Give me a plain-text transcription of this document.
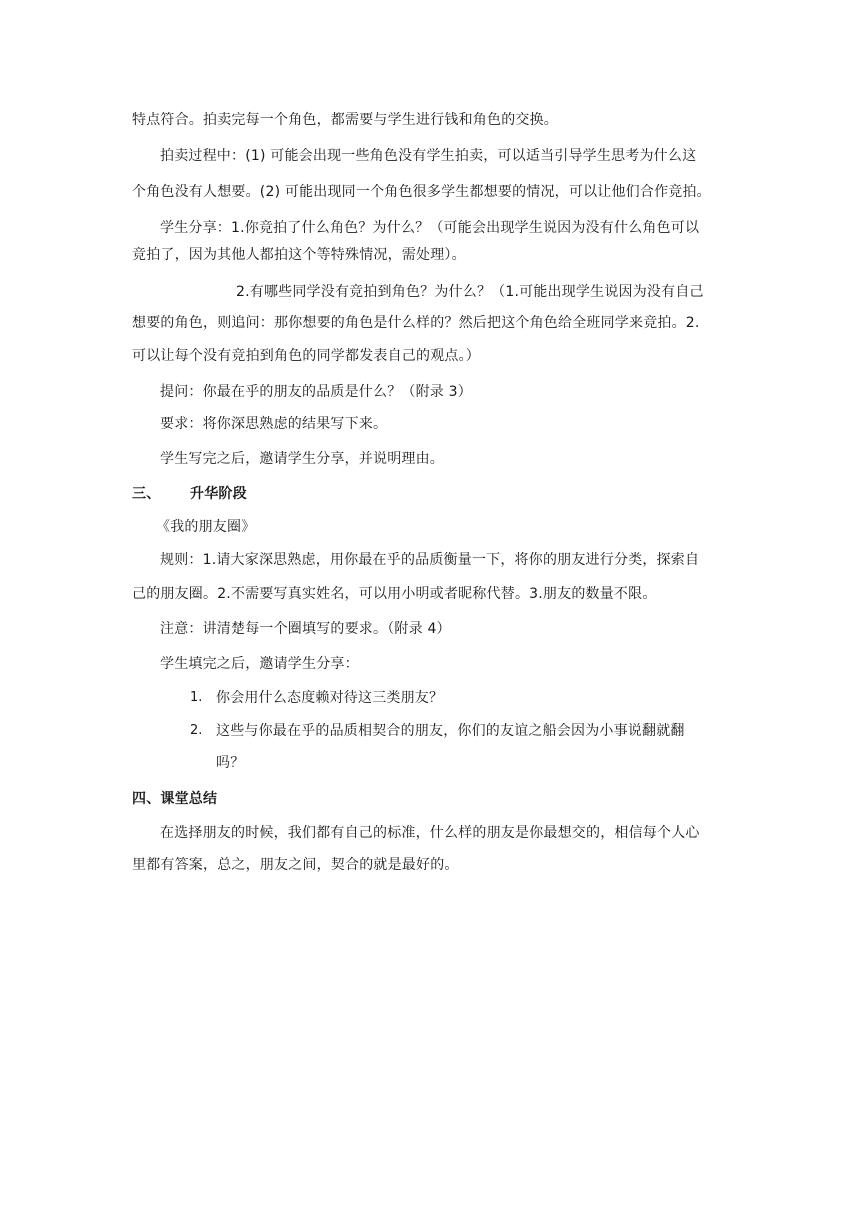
特点符合。拍卖完每一个角色，都需要与学生进行钱和角色的交换。
拍卖过程中：(1) 可能会出现一些角色没有学生拍卖，可以适当引导学生思考为什么这
个角色没有人想要。(2) 可能出现同一个角色很多学生都想要的情况，可以让他们合作竞拍。
学生分享：1.你竞拍了什么角色？为什么？（可能会出现学生说因为没有什么角色可以
竞拍了，因为其他人都拍这个等特殊情况，需处理）。
2.有哪些同学没有竞拍到角色？为什么？（1.可能出现学生说因为没有自己
想要的角色，则追问：那你想要的角色是什么样的？然后把这个角色给全班同学来竞拍。2.
可以让每个没有竞拍到角色的同学都发表自己的观点。）
提问：你最在乎的朋友的品质是什么？（附录 3）
要求：将你深思熟虑的结果写下来。
学生写完之后，邀请学生分享，并说明理由。
三、 升华阶段
《我的朋友圈》
规则：1.请大家深思熟虑，用你最在乎的品质衡量一下，将你的朋友进行分类，探索自
己的朋友圈。2.不需要写真实姓名，可以用小明或者昵称代替。3.朋友的数量不限。
注意：讲清楚每一个圈填写的要求。（附录 4）
学生填完之后，邀请学生分享：
1. 你会用什么态度赖对待这三类朋友？
2. 这些与你最在乎的品质相契合的朋友，你们的友谊之船会因为小事说翻就翻
吗？
四、课堂总结
在选择朋友的时候，我们都有自己的标准，什么样的朋友是你最想交的，相信每个人心
里都有答案，总之，朋友之间，契合的就是最好的。
